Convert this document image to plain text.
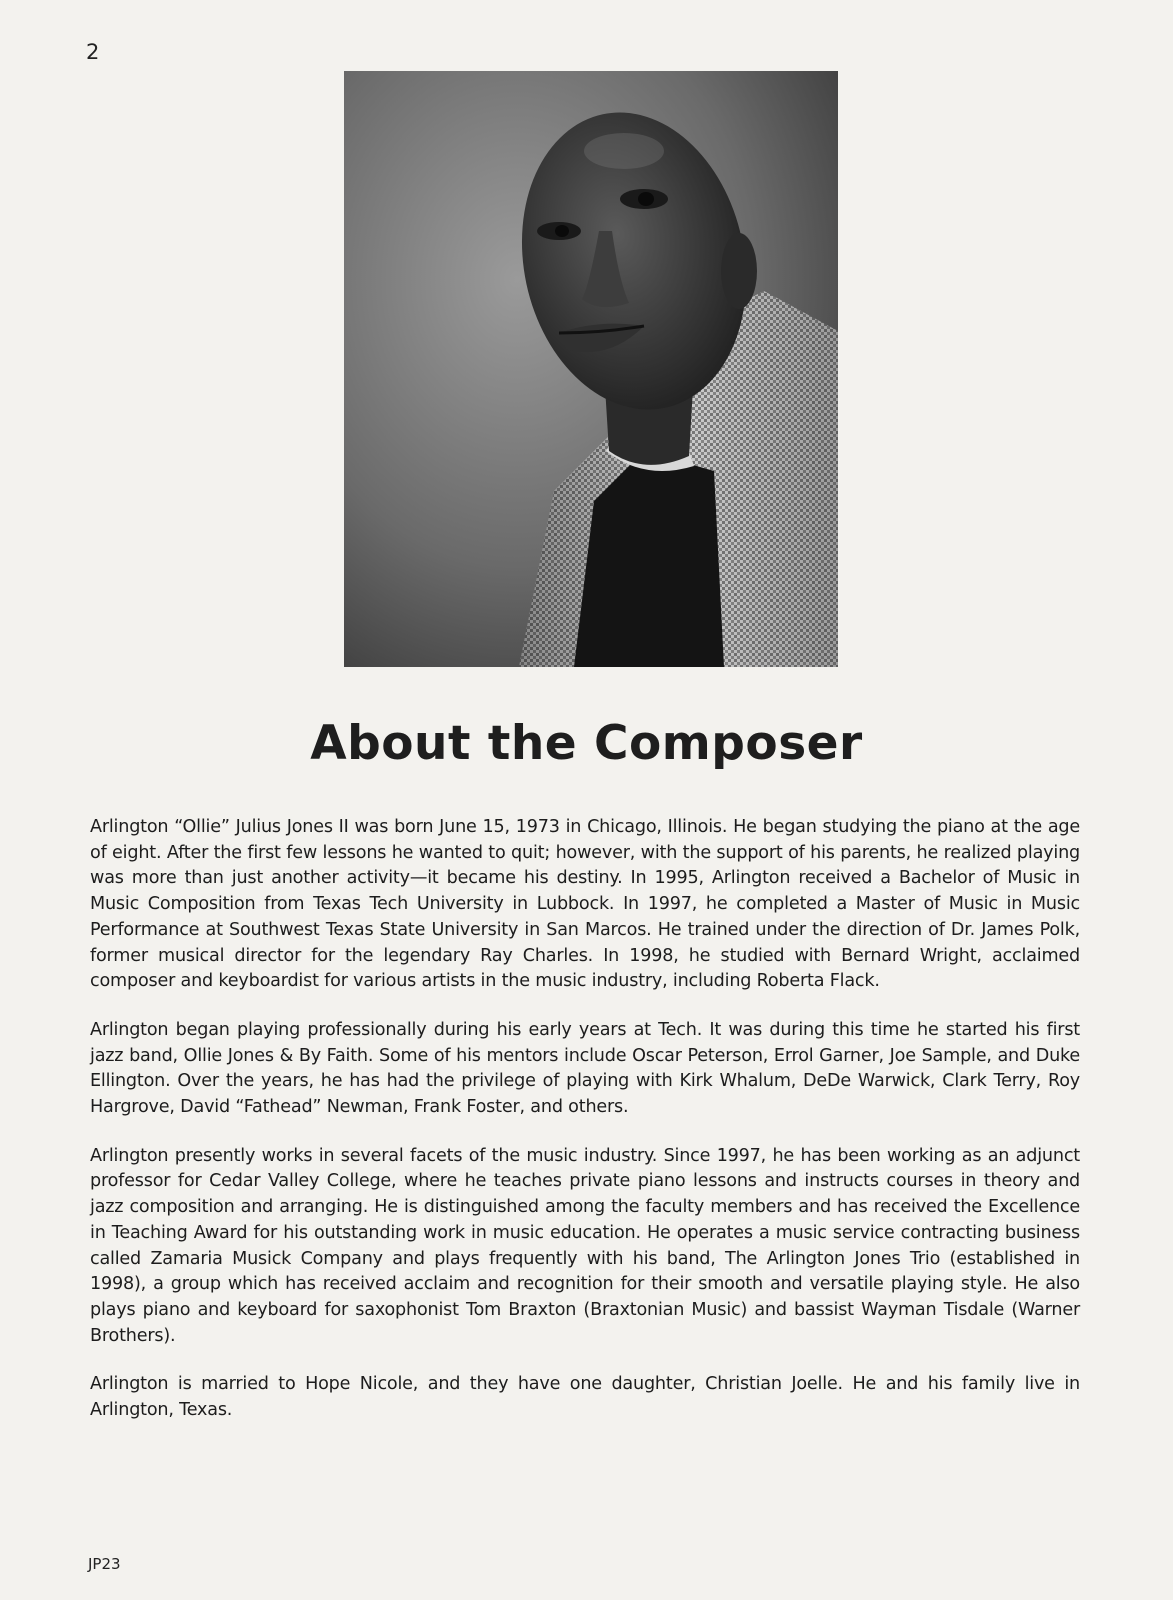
2
About the Composer

Arlington “Ollie” Julius Jones II was born June 15, 1973 in Chicago, Illinois. He began studying the piano at the age of eight. After the first few lessons he wanted to quit; however, with the support of his parents, he realized playing was more than just another activity—it became his destiny. In 1995, Arlington received a Bachelor of Music in Music Composition from Texas Tech University in Lubbock. In 1997, he completed a Master of Music in Music Performance at Southwest Texas State University in San Marcos. He trained under the direction of Dr. James Polk, former musical director for the legendary Ray Charles. In 1998, he studied with Bernard Wright, acclaimed composer and keyboardist for various artists in the music industry, including Roberta Flack.

Arlington began playing professionally during his early years at Tech. It was during this time he started his first jazz band, Ollie Jones & By Faith. Some of his mentors include Oscar Peterson, Errol Garner, Joe Sample, and Duke Ellington. Over the years, he has had the privilege of playing with Kirk Whalum, DeDe Warwick, Clark Terry, Roy Hargrove, David “Fathead” Newman, Frank Foster, and others.

Arlington presently works in several facets of the music industry. Since 1997, he has been working as an adjunct professor for Cedar Valley College, where he teaches private piano lessons and instructs courses in theory and jazz composition and arranging. He is distinguished among the faculty members and has received the Excellence in Teaching Award for his outstanding work in music education. He operates a music service contracting business called Zamaria Musick Company and plays frequently with his band, The Arlington Jones Trio (established in 1998), a group which has received acclaim and recognition for their smooth and versatile playing style. He also plays piano and keyboard for saxophonist Tom Braxton (Braxtonian Music) and bassist Wayman Tisdale (Warner Brothers).

Arlington is married to Hope Nicole, and they have one daughter, Christian Joelle. He and his family live in Arlington, Texas.

JP23
